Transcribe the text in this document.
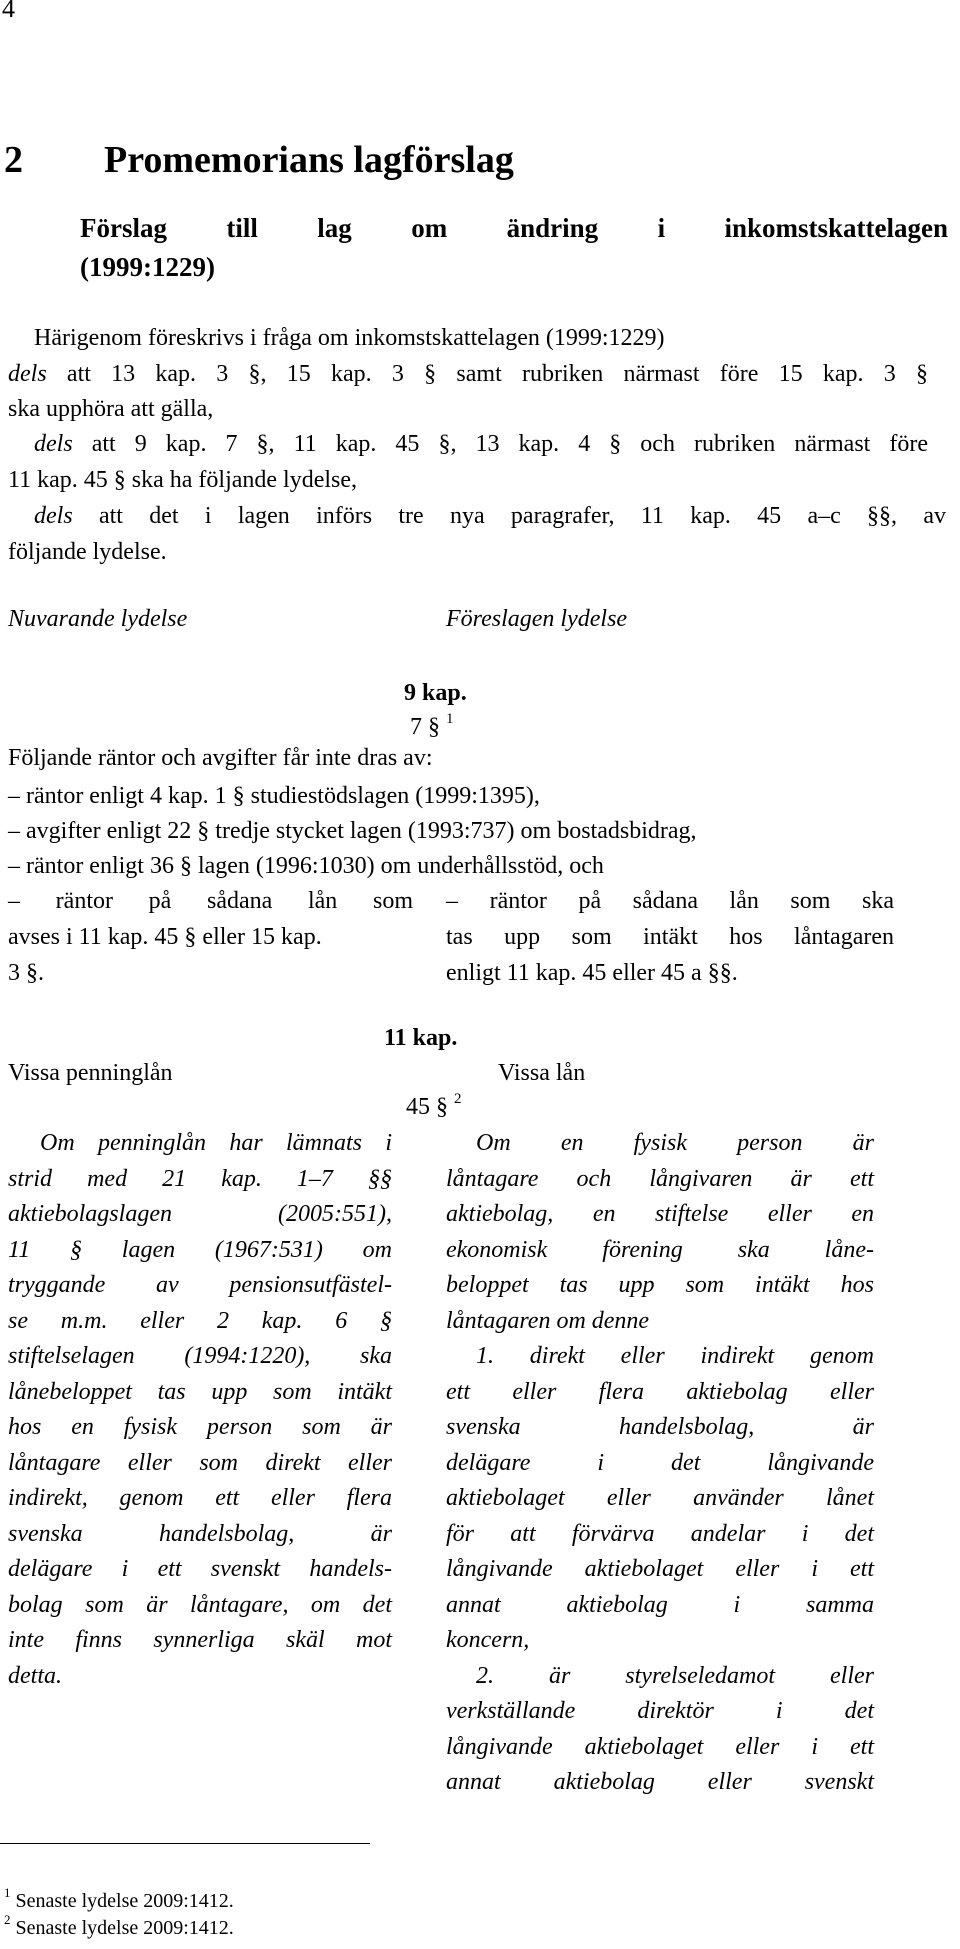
4
2 Promemorians lagförslag
Förslag till lag om ändring i inkomstskattelagen
(1999:1229)
Härigenom föreskrivs i fråga om inkomstskattelagen (1999:1229)
dels att 13 kap. 3 §, 15 kap. 3 § samt rubriken närmast före 15 kap. 3 §
ska upphöra att gälla,
dels att 9 kap. 7 §, 11 kap. 45 §, 13 kap. 4 § och rubriken närmast före
11 kap. 45 § ska ha följande lydelse,
dels att det i lagen införs tre nya paragrafer, 11 kap. 45 a–c §§, av
följande lydelse.
Nuvarande lydelse	Föreslagen lydelse
9 kap.
7 § $^1$
Följande räntor och avgifter får inte dras av:
– räntor enligt 4 kap. 1 § studiestödslagen (1999:1395),
– avgifter enligt 22 § tredje stycket lagen (1993:737) om bostadsbidrag,
– räntor enligt 36 § lagen (1996:1030) om underhållsstöd, och
– räntor på sådana lån som
avses i 11 kap. 45 § eller 15 kap.
3 §.
– räntor på sådana lån som ska
tas upp som intäkt hos låntagaren
enligt 11 kap. 45 eller 45 a §§.
11 kap.
Vissa penninglån	Vissa lån
45 § $^2$
Om penninglån har lämnats i
strid med 21 kap. 1–7 §§
aktiebolagslagen (2005:551),
11 § lagen (1967:531) om
tryggande av pensionsutfästel-
se m.m. eller 2 kap. 6 §
stiftelselagen (1994:1220), ska
lånebeloppet tas upp som intäkt
hos en fysisk person som är
låntagare eller som direkt eller
indirekt, genom ett eller flera
svenska handelsbolag, är
delägare i ett svenskt handels-
bolag som är låntagare, om det
inte finns synnerliga skäl mot
detta.
Om en fysisk person är
låntagare och långivaren är ett
aktiebolag, en stiftelse eller en
ekonomisk förening ska låne-
beloppet tas upp som intäkt hos
låntagaren om denne
1. direkt eller indirekt genom
ett eller flera aktiebolag eller
svenska handelsbolag, är
delägare i det långivande
aktiebolaget eller använder lånet
för att förvärva andelar i det
långivande aktiebolaget eller i ett
annat aktiebolag i samma
koncern,
2. är styrelseledamot eller
verkställande direktör i det
långivande aktiebolaget eller i ett
annat aktiebolag eller svenskt
$^1$ Senaste lydelse 2009:1412.
$^2$ Senaste lydelse 2009:1412.
